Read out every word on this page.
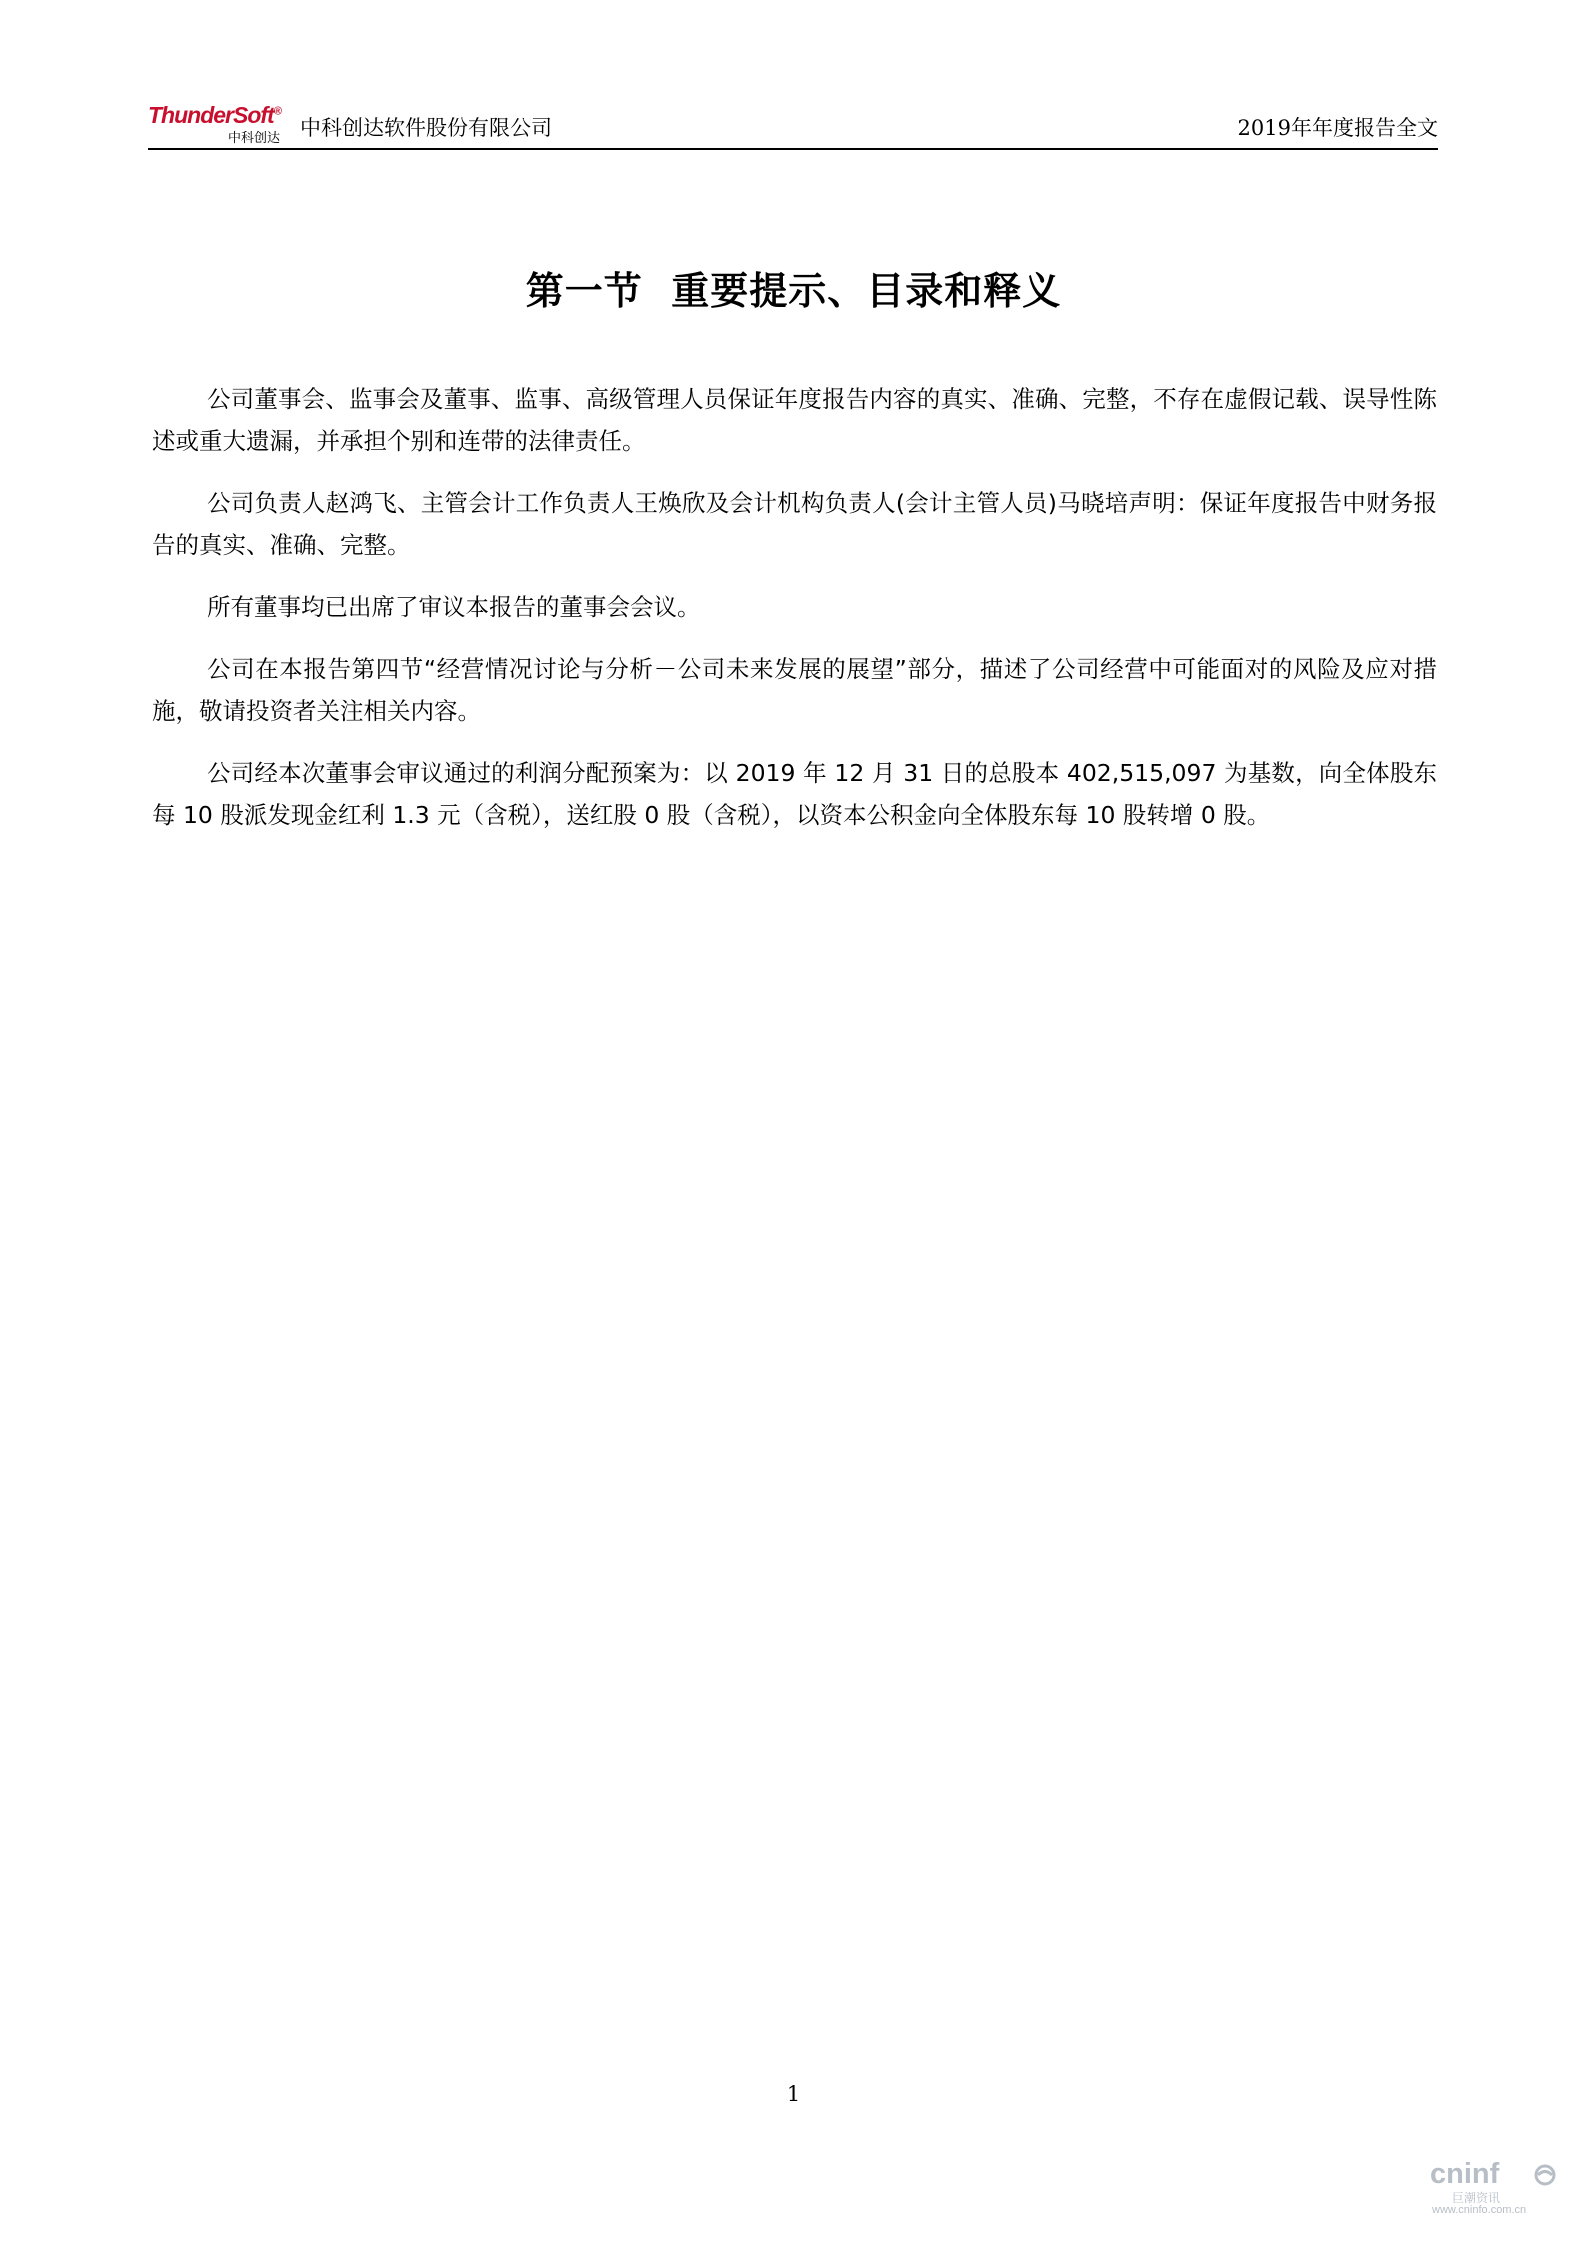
ThunderSoft®
中科创达 中科创达软件股份有限公司	2019年年度报告全文
第一节  重要提示、目录和释义

公司董事会、监事会及董事、监事、高级管理人员保证年度报告内容的真实、准确、完整，不存在虚假记载、误导性陈述或重大遗漏，并承担个别和连带的法律责任。

公司负责人赵鸿飞、主管会计工作负责人王焕欣及会计机构负责人(会计主管人员)马晓培声明：保证年度报告中财务报告的真实、准确、完整。

所有董事均已出席了审议本报告的董事会会议。

公司在本报告第四节“经营情况讨论与分析－公司未来发展的展望”部分，描述了公司经营中可能面对的风险及应对措施，敬请投资者关注相关内容。

公司经本次董事会审议通过的利润分配预案为：以 2019 年 12 月 31 日的总股本 402,515,097 为基数，向全体股东每 10 股派发现金红利 1.3 元（含税），送红股 0 股（含税），以资本公积金向全体股东每 10 股转增 0 股。

1
cninf
巨潮资讯
www.cninfo.com.cn
